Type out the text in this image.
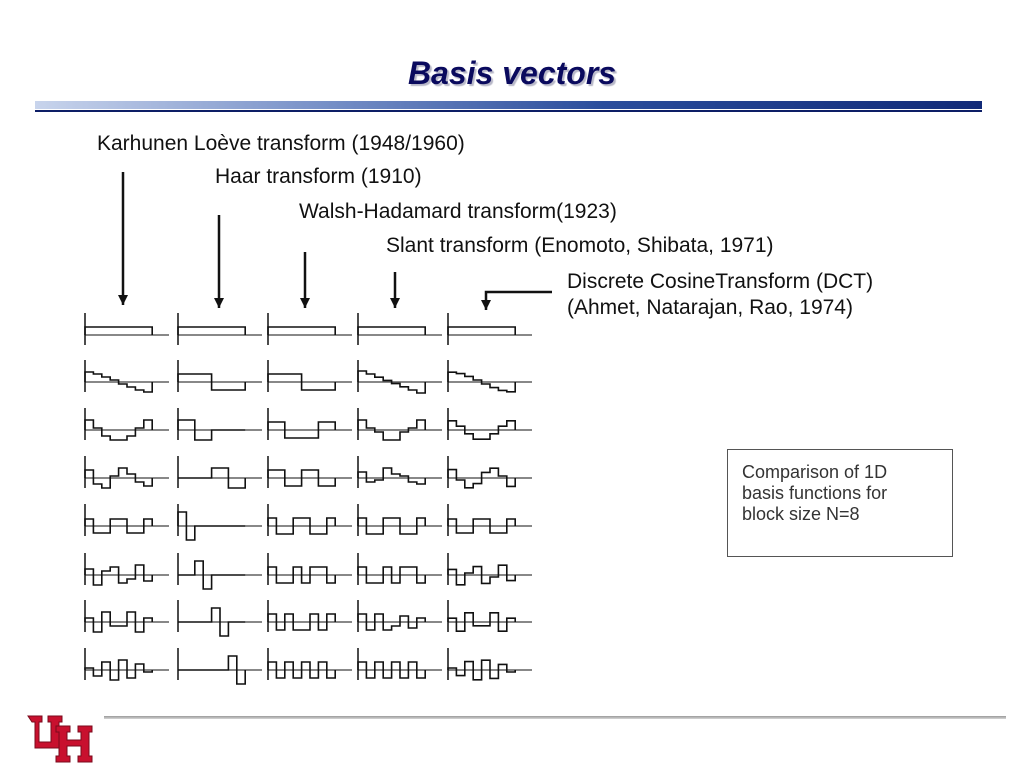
Basis vectors

Karhunen Loève transform (1948/1960)

Haar transform (1910)

Walsh-Hadamard transform(1923)

Slant transform (Enomoto, Shibata, 1971)

Discrete CosineTransform (DCT)

(Ahmet, Natarajan, Rao, 1974)

Comparison of 1D
basis functions for
block size N=8
